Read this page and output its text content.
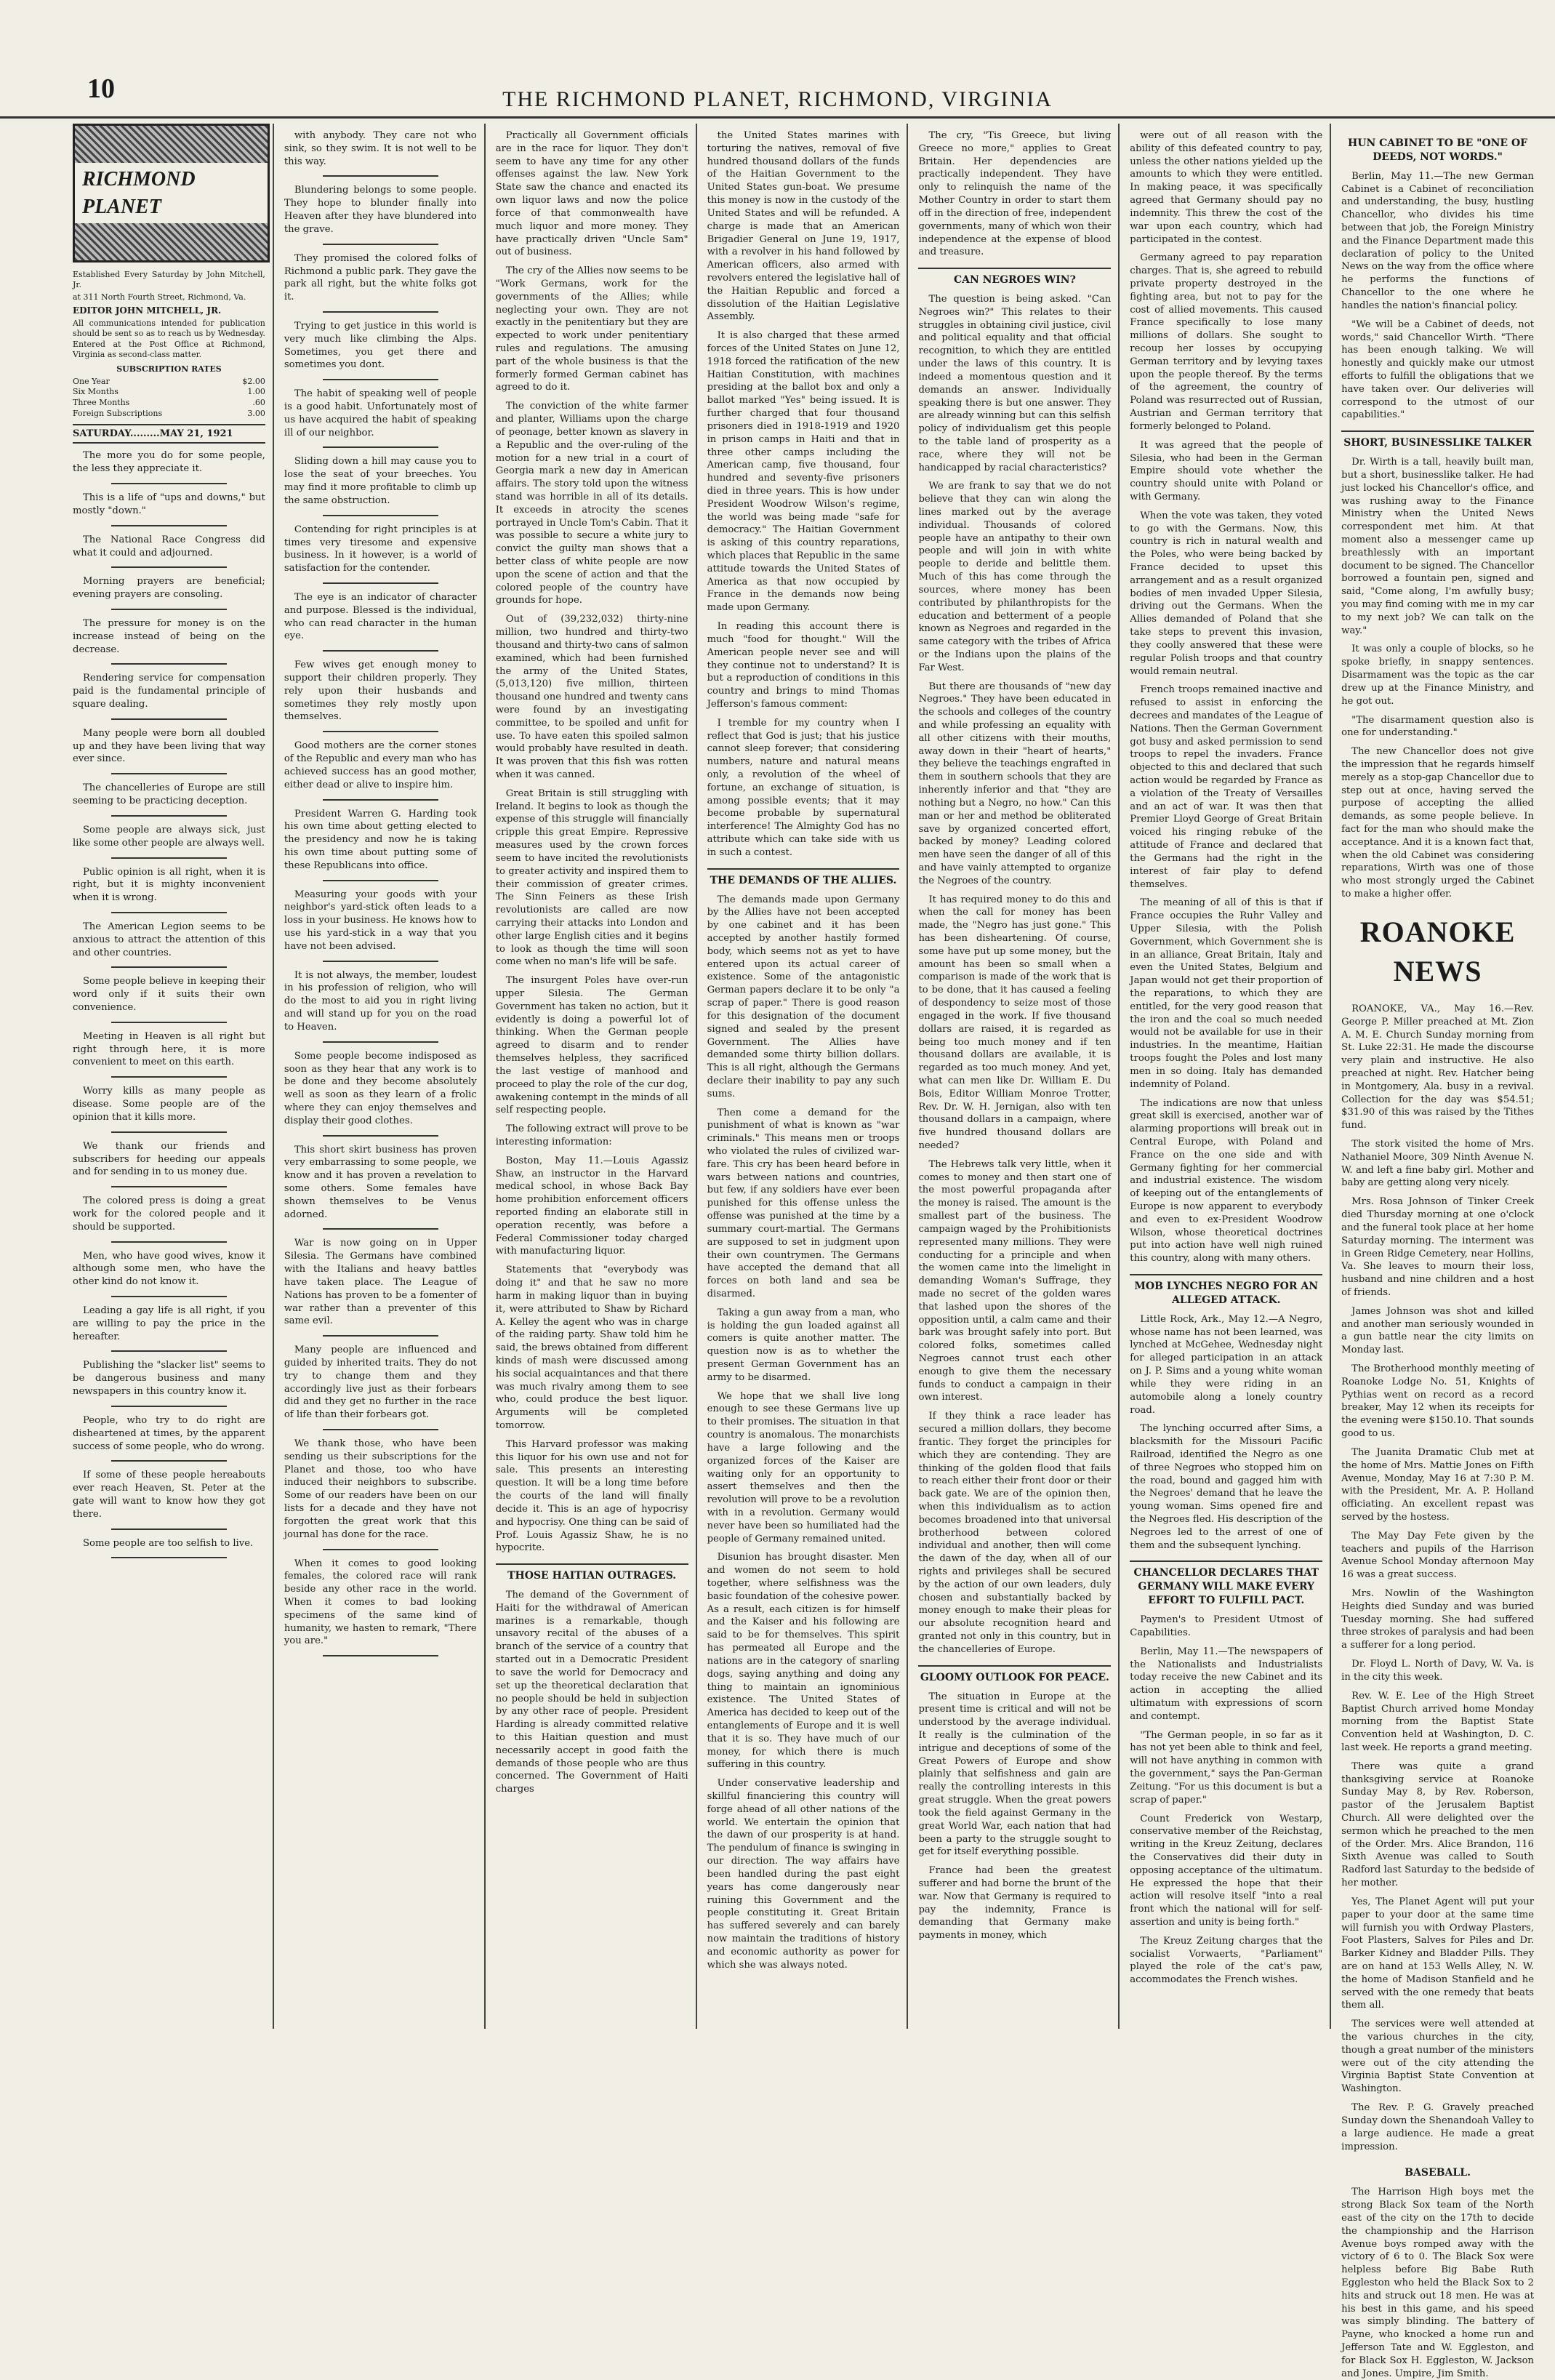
10	THE RICHMOND PLANET, RICHMOND, VIRGINIA
RICHMOND PLANET
Established Every Saturday by John Mitchell, Jr.
at 311 North Fourth Street, Richmond, Va.
EDITOR JOHN MITCHELL, JR.
All communications intended for publication should be sent so as to reach us by Wednesday. Entered at the Post Office at Richmond, Virginia as second-class matter.
SUBSCRIPTION RATES
One Year	$2.00
Six Months	1.00
Three Months	.60
Foreign Subscriptions	3.00
SATURDAY.........MAY 21, 1921
The more you do for some people, the less they appreciate it.
This is a life of "ups and downs," but mostly "down."
The National Race Congress did what it could and adjourned.
Morning prayers are beneficial; evening prayers are consoling.
The pressure for money is on the increase instead of being on the decrease.
Rendering service for compensation paid is the fundamental principle of square dealing.
Many people were born all doubled up and they have been living that way ever since.
The chancelleries of Europe are still seeming to be practicing deception.
Some people are always sick, just like some other people are always well.
Public opinion is all right, when it is right, but it is mighty inconvenient when it is wrong.
The American Legion seems to be anxious to attract the attention of this and other countries.
Some people believe in keeping their word only if it suits their own convenience.
Meeting in Heaven is all right but right through here, it is more convenient to meet on this earth.
Worry kills as many people as disease. Some people are of the opinion that it kills more.
We thank our friends and subscribers for heeding our appeals and for sending in to us money due.
The colored press is doing a great work for the colored people and it should be supported.
Men, who have good wives, know it although some men, who have the other kind do not know it.
Leading a gay life is all right, if you are willing to pay the price in the hereafter.
Publishing the "slacker list" seems to be dangerous business and many newspapers in this country know it.
People, who try to do right are disheartened at times, by the apparent success of some people, who do wrong.
If some of these people hereabouts ever reach Heaven, St. Peter at the gate will want to know how they got there.
Some people are too selfish to live.
with anybody. They care not who sink, so they swim. It is not well to be this way.
Blundering belongs to some people. They hope to blunder finally into Heaven after they have blundered into the grave.
They promised the colored folks of Richmond a public park. They gave the park all right, but the white folks got it.
Trying to get justice in this world is very much like climbing the Alps. Sometimes, you get there and sometimes you dont.
The habit of speaking well of people is a good habit. Unfortunately most of us have acquired the habit of speaking ill of our neighbor.
Sliding down a hill may cause you to lose the seat of your breeches. You may find it more profitable to climb up the same obstruction.
Contending for right principles is at times very tiresome and expensive business. In it however, is a world of satisfaction for the contender.
The eye is an indicator of character and purpose. Blessed is the individual, who can read character in the human eye.
Few wives get enough money to support their children properly. They rely upon their husbands and sometimes they rely mostly upon themselves.
Good mothers are the corner stones of the Republic and every man who has achieved success has an good mother, either dead or alive to inspire him.
President Warren G. Harding took his own time about getting elected to the presidency and now he is taking his own time about putting some of these Republicans into office.
Measuring your goods with your neighbor's yard-stick often leads to a loss in your business. He knows how to use his yard-stick in a way that you have not been advised.
It is not always, the member, loudest in his profession of religion, who will do the most to aid you in right living and will stand up for you on the road to Heaven.
Some people become indisposed as soon as they hear that any work is to be done and they become absolutely well as soon as they learn of a frolic where they can enjoy themselves and display their good clothes.
This short skirt business has proven very embarrassing to some people, we know and it has proven a revelation to some others. Some females have shown themselves to be Venus adorned.
War is now going on in Upper Silesia. The Germans have combined with the Italians and heavy battles have taken place. The League of Nations has proven to be a fomenter of war rather than a preventer of this same evil.
Many people are influenced and guided by inherited traits. They do not try to change them and they accordingly live just as their forbears did and they get no further in the race of life than their forbears got.
We thank those, who have been sending us their subscriptions for the Planet and those, too who have induced their neighbors to subscribe. Some of our readers have been on our lists for a decade and they have not forgotten the great work that this journal has done for the race.
When it comes to good looking females, the colored race will rank beside any other race in the world. When it comes to bad looking specimens of the same kind of humanity, we hasten to remark, "There you are."
Practically all Government officials are in the race for liquor. They don't seem to have any time for any other offenses against the law. New York State saw the chance and enacted its own liquor laws and now the police force of that commonwealth have much liquor and more money. They have practically driven "Uncle Sam" out of business.
The cry of the Allies now seems to be "Work Germans, work for the governments of the Allies; while neglecting your own. They are not exactly in the penitentiary but they are expected to work under penitentiary rules and regulations. The amusing part of the whole business is that the formerly formed German cabinet has agreed to do it.
The conviction of the white farmer and planter, Williams upon the charge of peonage, better known as slavery in a Republic and the over-ruling of the motion for a new trial in a court of Georgia mark a new day in American affairs. The story told upon the witness stand was horrible in all of its details. It exceeds in atrocity the scenes portrayed in Uncle Tom's Cabin. That it was possible to secure a white jury to convict the guilty man shows that a better class of white people are now upon the scene of action and that the colored people of the country have grounds for hope.
Out of (39,232,032) thirty-nine million, two hundred and thirty-two thousand and thirty-two cans of salmon examined, which had been furnished the army of the United States, (5,013,120) five million, thirteen thousand one hundred and twenty cans were found by an investigating committee, to be spoiled and unfit for use. To have eaten this spoiled salmon would probably have resulted in death. It was proven that this fish was rotten when it was canned.
Great Britain is still struggling with Ireland. It begins to look as though the expense of this struggle will financially cripple this great Empire. Repressive measures used by the crown forces seem to have incited the revolutionists to greater activity and inspired them to their commission of greater crimes. The Sinn Feiners as these Irish revolutionists are called are now carrying their attacks into London and other large English cities and it begins to look as though the time will soon come when no man's life will be safe.
The insurgent Poles have over-run upper Silesia. The German Government has taken no action, but it evidently is doing a powerful lot of thinking. When the German people agreed to disarm and to render themselves helpless, they sacrificed the last vestige of manhood and proceed to play the role of the cur dog, awakening contempt in the minds of all self respecting people.
The following extract will prove to be interesting information:
Boston, May 11.—Louis Agassiz Shaw, an instructor in the Harvard medical school, in whose Back Bay home prohibition enforcement officers reported finding an elaborate still in operation recently, was before a Federal Commissioner today charged with manufacturing liquor.
Statements that "everybody was doing it" and that he saw no more harm in making liquor than in buying it, were attributed to Shaw by Richard A. Kelley the agent who was in charge of the raiding party. Shaw told him he said, the brews obtained from different kinds of mash were discussed among his social acquaintances and that there was much rivalry among them to see who, could produce the best liquor. Arguments will be completed tomorrow.
This Harvard professor was making this liquor for his own use and not for sale. This presents an interesting question. It will be a long time before the courts of the land will finally decide it. This is an age of hypocrisy and hypocrisy. One thing can be said of Prof. Louis Agassiz Shaw, he is no hypocrite.
THOSE HAITIAN OUTRAGES.
The demand of the Government of Haiti for the withdrawal of American marines is a remarkable, though unsavory recital of the abuses of a branch of the service of a country that started out in a Democratic President to save the world for Democracy and set up the theoretical declaration that no people should be held in subjection by any other race of people. President Harding is already committed relative to this Haitian question and must necessarily accept in good faith the demands of those people who are thus concerned. The Government of Haiti charges
the United States marines with torturing the natives, removal of five hundred thousand dollars of the funds of the Haitian Government to the United States gun-boat. We presume this money is now in the custody of the United States and will be refunded. A charge is made that an American Brigadier General on June 19, 1917, with a revolver in his hand followed by American officers, also armed with revolvers entered the legislative hall of the Haitian Republic and forced a dissolution of the Haitian Legislative Assembly.
It is also charged that these armed forces of the United States on June 12, 1918 forced the ratification of the new Haitian Constitution, with machines presiding at the ballot box and only a ballot marked "Yes" being issued. It is further charged that four thousand prisoners died in 1918-1919 and 1920 in prison camps in Haiti and that in three other camps including the American camp, five thousand, four hundred and seventy-five prisoners died in three years. This is how under President Woodrow Wilson's regime, the world was being made "safe for democracy." The Haitian Government is asking of this country reparations, which places that Republic in the same attitude towards the United States of America as that now occupied by France in the demands now being made upon Germany.
In reading this account there is much "food for thought." Will the American people never see and will they continue not to understand? It is but a reproduction of conditions in this country and brings to mind Thomas Jefferson's famous comment:
I tremble for my country when I reflect that God is just; that his justice cannot sleep forever; that considering numbers, nature and natural means only, a revolution of the wheel of fortune, an exchange of situation, is among possible events; that it may become probable by supernatural interference! The Almighty God has no attribute which can take side with us in such a contest.
THE DEMANDS OF THE ALLIES.
The demands made upon Germany by the Allies have not been accepted by one cabinet and it has been accepted by another hastily formed body, which seems not as yet to have entered upon its actual career of existence. Some of the antagonistic German papers declare it to be only "a scrap of paper." There is good reason for this designation of the document signed and sealed by the present Government. The Allies have demanded some thirty billion dollars. This is all right, although the Germans declare their inability to pay any such sums.
Then come a demand for the punishment of what is known as "war criminals." This means men or troops who violated the rules of civilized war-fare. This cry has been heard before in wars between nations and countries, but few, if any soldiers have ever been punished for this offense unless the offense was punished at the time by a summary court-martial. The Germans are supposed to set in judgment upon their own countrymen. The Germans have accepted the demand that all forces on both land and sea be disarmed.
Taking a gun away from a man, who is holding the gun loaded against all comers is quite another matter. The question now is as to whether the present German Government has an army to be disarmed.
We hope that we shall live long enough to see these Germans live up to their promises. The situation in that country is anomalous. The monarchists have a large following and the organized forces of the Kaiser are waiting only for an opportunity to assert themselves and then the revolution will prove to be a revolution with in a revolution. Germany would never have been so humiliated had the people of Germany remained united.
Disunion has brought disaster. Men and women do not seem to hold together, where selfishness was the basic foundation of the cohesive power. As a result, each citizen is for himself and the Kaiser and his following are said to be for themselves. This spirit has permeated all Europe and the nations are in the category of snarling dogs, saying anything and doing any thing to maintain an ignominious existence. The United States of America has decided to keep out of the entanglements of Europe and it is well that it is so. They have much of our money, for which there is much suffering in this country.
Under conservative leadership and skillful financiering this country will forge ahead of all other nations of the world. We entertain the opinion that the dawn of our prosperity is at hand. The pendulum of finance is swinging in our direction. The way affairs have been handled during the past eight years has come dangerously near ruining this Government and the people constituting it. Great Britain has suffered severely and can barely now maintain the traditions of history and economic authority as power for which she was always noted.
The cry, "Tis Greece, but living Greece no more," applies to Great Britain. Her dependencies are practically independent. They have only to relinquish the name of the Mother Country in order to start them off in the direction of free, independent governments, many of which won their independence at the expense of blood and treasure.
CAN NEGROES WIN?
The question is being asked. "Can Negroes win?" This relates to their struggles in obtaining civil justice, civil and political equality and that official recognition, to which they are entitled under the laws of this country. It is indeed a momentous question and it demands an answer. Individually speaking there is but one answer. They are already winning but can this selfish policy of individualism get this people to the table land of prosperity as a race, where they will not be handicapped by racial characteristics?
We are frank to say that we do not believe that they can win along the lines marked out by the average individual. Thousands of colored people have an antipathy to their own people and will join in with white people to deride and belittle them. Much of this has come through the sources, where money has been contributed by philanthropists for the education and betterment of a people known as Negroes and regarded in the same category with the tribes of Africa or the Indians upon the plains of the Far West.
But there are thousands of "new day Negroes." They have been educated in the schools and colleges of the country and while professing an equality with all other citizens with their mouths, away down in their "heart of hearts," they believe the teachings engrafted in them in southern schools that they are inherently inferior and that "they are nothing but a Negro, no how." Can this man or her and method be obliterated save by organized concerted effort, backed by money? Leading colored men have seen the danger of all of this and have vainly attempted to organize the Negroes of the country.
It has required money to do this and when the call for money has been made, the "Negro has just gone." This has been disheartening. Of course, some have put up some money, but the amount has been so small when a comparison is made of the work that is to be done, that it has caused a feeling of despondency to seize most of those engaged in the work. If five thousand dollars are raised, it is regarded as being too much money and if ten thousand dollars are available, it is regarded as too much money. And yet, what can men like Dr. William E. Du Bois, Editor William Monroe Trotter, Rev. Dr. W. H. Jernigan, also with ten thousand dollars in a campaign, where five hundred thousand dollars are needed?
The Hebrews talk very little, when it comes to money and then start one of the most powerful propaganda after the money is raised. The amount is the smallest part of the business. The campaign waged by the Prohibitionists represented many millions. They were conducting for a principle and when the women came into the limelight in demanding Woman's Suffrage, they made no secret of the golden wares that lashed upon the shores of the opposition until, a calm came and their bark was brought safely into port. But colored folks, sometimes called Negroes cannot trust each other enough to give them the necessary funds to conduct a campaign in their own interest.
If they think a race leader has secured a million dollars, they become frantic. They forget the principles for which they are contending. They are thinking of the golden flood that fails to reach either their front door or their back gate. We are of the opinion then, when this individualism as to action becomes broadened into that universal brotherhood between colored individual and another, then will come the dawn of the day, when all of our rights and privileges shall be secured by the action of our own leaders, duly chosen and substantially backed by money enough to make their pleas for our absolute recognition heard and granted not only in this country, but in the chancelleries of Europe.
GLOOMY OUTLOOK FOR PEACE.
The situation in Europe at the present time is critical and will not be understood by the average individual. It really is the culmination of the intrigue and deceptions of some of the Great Powers of Europe and show plainly that selfishness and gain are really the controlling interests in this great struggle. When the great powers took the field against Germany in the great World War, each nation that had been a party to the struggle sought to get for itself everything possible.
France had been the greatest sufferer and had borne the brunt of the war. Now that Germany is required to pay the indemnity, France is demanding that Germany make payments in money, which
were out of all reason with the ability of this defeated country to pay, unless the other nations yielded up the amounts to which they were entitled. In making peace, it was specifically agreed that Germany should pay no indemnity. This threw the cost of the war upon each country, which had participated in the contest.
Germany agreed to pay reparation charges. That is, she agreed to rebuild private property destroyed in the fighting area, but not to pay for the cost of allied movements. This caused France specifically to lose many millions of dollars. She sought to recoup her losses by occupying German territory and by levying taxes upon the people thereof. By the terms of the agreement, the country of Poland was resurrected out of Russian, Austrian and German territory that formerly belonged to Poland.
It was agreed that the people of Silesia, who had been in the German Empire should vote whether the country should unite with Poland or with Germany.
When the vote was taken, they voted to go with the Germans. Now, this country is rich in natural wealth and the Poles, who were being backed by France decided to upset this arrangement and as a result organized bodies of men invaded Upper Silesia, driving out the Germans. When the Allies demanded of Poland that she take steps to prevent this invasion, they coolly answered that these were regular Polish troops and that country would remain neutral.
French troops remained inactive and refused to assist in enforcing the decrees and mandates of the League of Nations. Then the German Government got busy and asked permission to send troops to repel the invaders. France objected to this and declared that such action would be regarded by France as a violation of the Treaty of Versailles and an act of war. It was then that Premier Lloyd George of Great Britain voiced his ringing rebuke of the attitude of France and declared that the Germans had the right in the interest of fair play to defend themselves.
The meaning of all of this is that if France occupies the Ruhr Valley and Upper Silesia, with the Polish Government, which Government she is in an alliance, Great Britain, Italy and even the United States, Belgium and Japan would not get their proportion of the reparations, to which they are entitled, for the very good reason that the iron and the coal so much needed would not be available for use in their industries. In the meantime, Haitian troops fought the Poles and lost many men in so doing. Italy has demanded indemnity of Poland.
The indications are now that unless great skill is exercised, another war of alarming proportions will break out in Central Europe, with Poland and France on the one side and with Germany fighting for her commercial and industrial existence. The wisdom of keeping out of the entanglements of Europe is now apparent to everybody and even to ex-President Woodrow Wilson, whose theoretical doctrines put into action have well nigh ruined this country, along with many others.
MOB LYNCHES NEGRO FOR AN ALLEGED ATTACK.
Little Rock, Ark., May 12.—A Negro, whose name has not been learned, was lynched at McGehee, Wednesday night for alleged participation in an attack on J. P. Sims and a young white woman while they were riding in an automobile along a lonely country road.
The lynching occurred after Sims, a blacksmith for the Missouri Pacific Railroad, identified the Negro as one of three Negroes who stopped him on the road, bound and gagged him with the Negroes' demand that he leave the young woman. Sims opened fire and the Negroes fled. His description of the Negroes led to the arrest of one of them and the subsequent lynching.
CHANCELLOR DECLARES THAT GERMANY WILL MAKE EVERY EFFORT TO FULFILL PACT.
Paymen's to President Utmost of Capabilities.
Berlin, May 11.—The newspapers of the Nationalists and Industrialists today receive the new Cabinet and its action in accepting the allied ultimatum with expressions of scorn and contempt.
"The German people, in so far as it has not yet been able to think and feel, will not have anything in common with the government," says the Pan-German Zeitung. "For us this document is but a scrap of paper."
Count Frederick von Westarp, conservative member of the Reichstag, writing in the Kreuz Zeitung, declares the Conservatives did their duty in opposing acceptance of the ultimatum. He expressed the hope that their action will resolve itself "into a real front which the national will for self-assertion and unity is being forth."
The Kreuz Zeitung charges that the socialist Vorwaerts, "Parliament" played the role of the cat's paw, accommodates the French wishes.
HUN CABINET TO BE "ONE OF DEEDS, NOT WORDS."
Berlin, May 11.—The new German Cabinet is a Cabinet of reconciliation and understanding, the busy, hustling Chancellor, who divides his time between that job, the Foreign Ministry and the Finance Department made this declaration of policy to the United News on the way from the office where he performs the functions of Chancellor to the one where he handles the nation's financial policy.
"We will be a Cabinet of deeds, not words," said Chancellor Wirth. "There has been enough talking. We will honestly and quickly make our utmost efforts to fulfill the obligations that we have taken over. Our deliveries will correspond to the utmost of our capabilities."
SHORT, BUSINESSLIKE TALKER
Dr. Wirth is a tall, heavily built man, but a short, businesslike talker. He had just locked his Chancellor's office, and was rushing away to the Finance Ministry when the United News correspondent met him. At that moment also a messenger came up breathlessly with an important document to be signed. The Chancellor borrowed a fountain pen, signed and said, "Come along, I'm awfully busy; you may find coming with me in my car to my next job? We can talk on the way."
It was only a couple of blocks, so he spoke briefly, in snappy sentences. Disarmament was the topic as the car drew up at the Finance Ministry, and he got out.
"The disarmament question also is one for understanding."
The new Chancellor does not give the impression that he regards himself merely as a stop-gap Chancellor due to step out at once, having served the purpose of accepting the allied demands, as some people believe. In fact for the man who should make the acceptance. And it is a known fact that, when the old Cabinet was considering reparations, Wirth was one of those who most strongly urged the Cabinet to make a higher offer.
ROANOKE NEWS
ROANOKE, VA., May 16.—Rev. George P. Miller preached at Mt. Zion A. M. E. Church Sunday morning from St. Luke 22:31. He made the discourse very plain and instructive. He also preached at night. Rev. Hatcher being in Montgomery, Ala. busy in a revival. Collection for the day was $54.51; $31.90 of this was raised by the Tithes fund.
The stork visited the home of Mrs. Nathaniel Moore, 309 Ninth Avenue N. W. and left a fine baby girl. Mother and baby are getting along very nicely.
Mrs. Rosa Johnson of Tinker Creek died Thursday morning at one o'clock and the funeral took place at her home Saturday morning. The interment was in Green Ridge Cemetery, near Hollins, Va. She leaves to mourn their loss, husband and nine children and a host of friends.
James Johnson was shot and killed and another man seriously wounded in a gun battle near the city limits on Monday last.
The Brotherhood monthly meeting of Roanoke Lodge No. 51, Knights of Pythias went on record as a record breaker, May 12 when its receipts for the evening were $150.10. That sounds good to us.
The Juanita Dramatic Club met at the home of Mrs. Mattie Jones on Fifth Avenue, Monday, May 16 at 7:30 P. M. with the President, Mr. A. P. Holland officiating. An excellent repast was served by the hostess.
The May Day Fete given by the teachers and pupils of the Harrison Avenue School Monday afternoon May 16 was a great success.
Mrs. Nowlin of the Washington Heights died Sunday and was buried Tuesday morning. She had suffered three strokes of paralysis and had been a sufferer for a long period.
Dr. Floyd L. North of Davy, W. Va. is in the city this week.
Rev. W. E. Lee of the High Street Baptist Church arrived home Monday morning from the Baptist State Convention held at Washington, D. C. last week. He reports a grand meeting.
There was quite a grand thanksgiving service at Roanoke Sunday May 8, by Rev. Roberson, pastor of the Jerusalem Baptist Church. All were delighted over the sermon which he preached to the men of the Order. Mrs. Alice Brandon, 116 Sixth Avenue was called to South Radford last Saturday to the bedside of her mother.
Yes, The Planet Agent will put your paper to your door at the same time will furnish you with Ordway Plasters, Foot Plasters, Salves for Piles and Dr. Barker Kidney and Bladder Pills. They are on hand at 153 Wells Alley, N. W. the home of Madison Stanfield and he served with the one remedy that beats them all.
The services were well attended at the various churches in the city, though a great number of the ministers were out of the city attending the Virginia Baptist State Convention at Washington.
The Rev. P. G. Gravely preached Sunday down the Shenandoah Valley to a large audience. He made a great impression.
BASEBALL.
The Harrison High boys met the strong Black Sox team of the North east of the city on the 17th to decide the championship and the Harrison Avenue boys romped away with the victory of 6 to 0. The Black Sox were helpless before Big Babe Ruth Eggleston who held the Black Sox to 2 hits and struck out 18 men. He was at his best in this game, and his speed was simply blinding. The battery of Payne, who knocked a home run and Jefferson Tate and W. Eggleston, and for Black Sox H. Eggleston, W. Jackson and Jones. Umpire, Jim Smith.
